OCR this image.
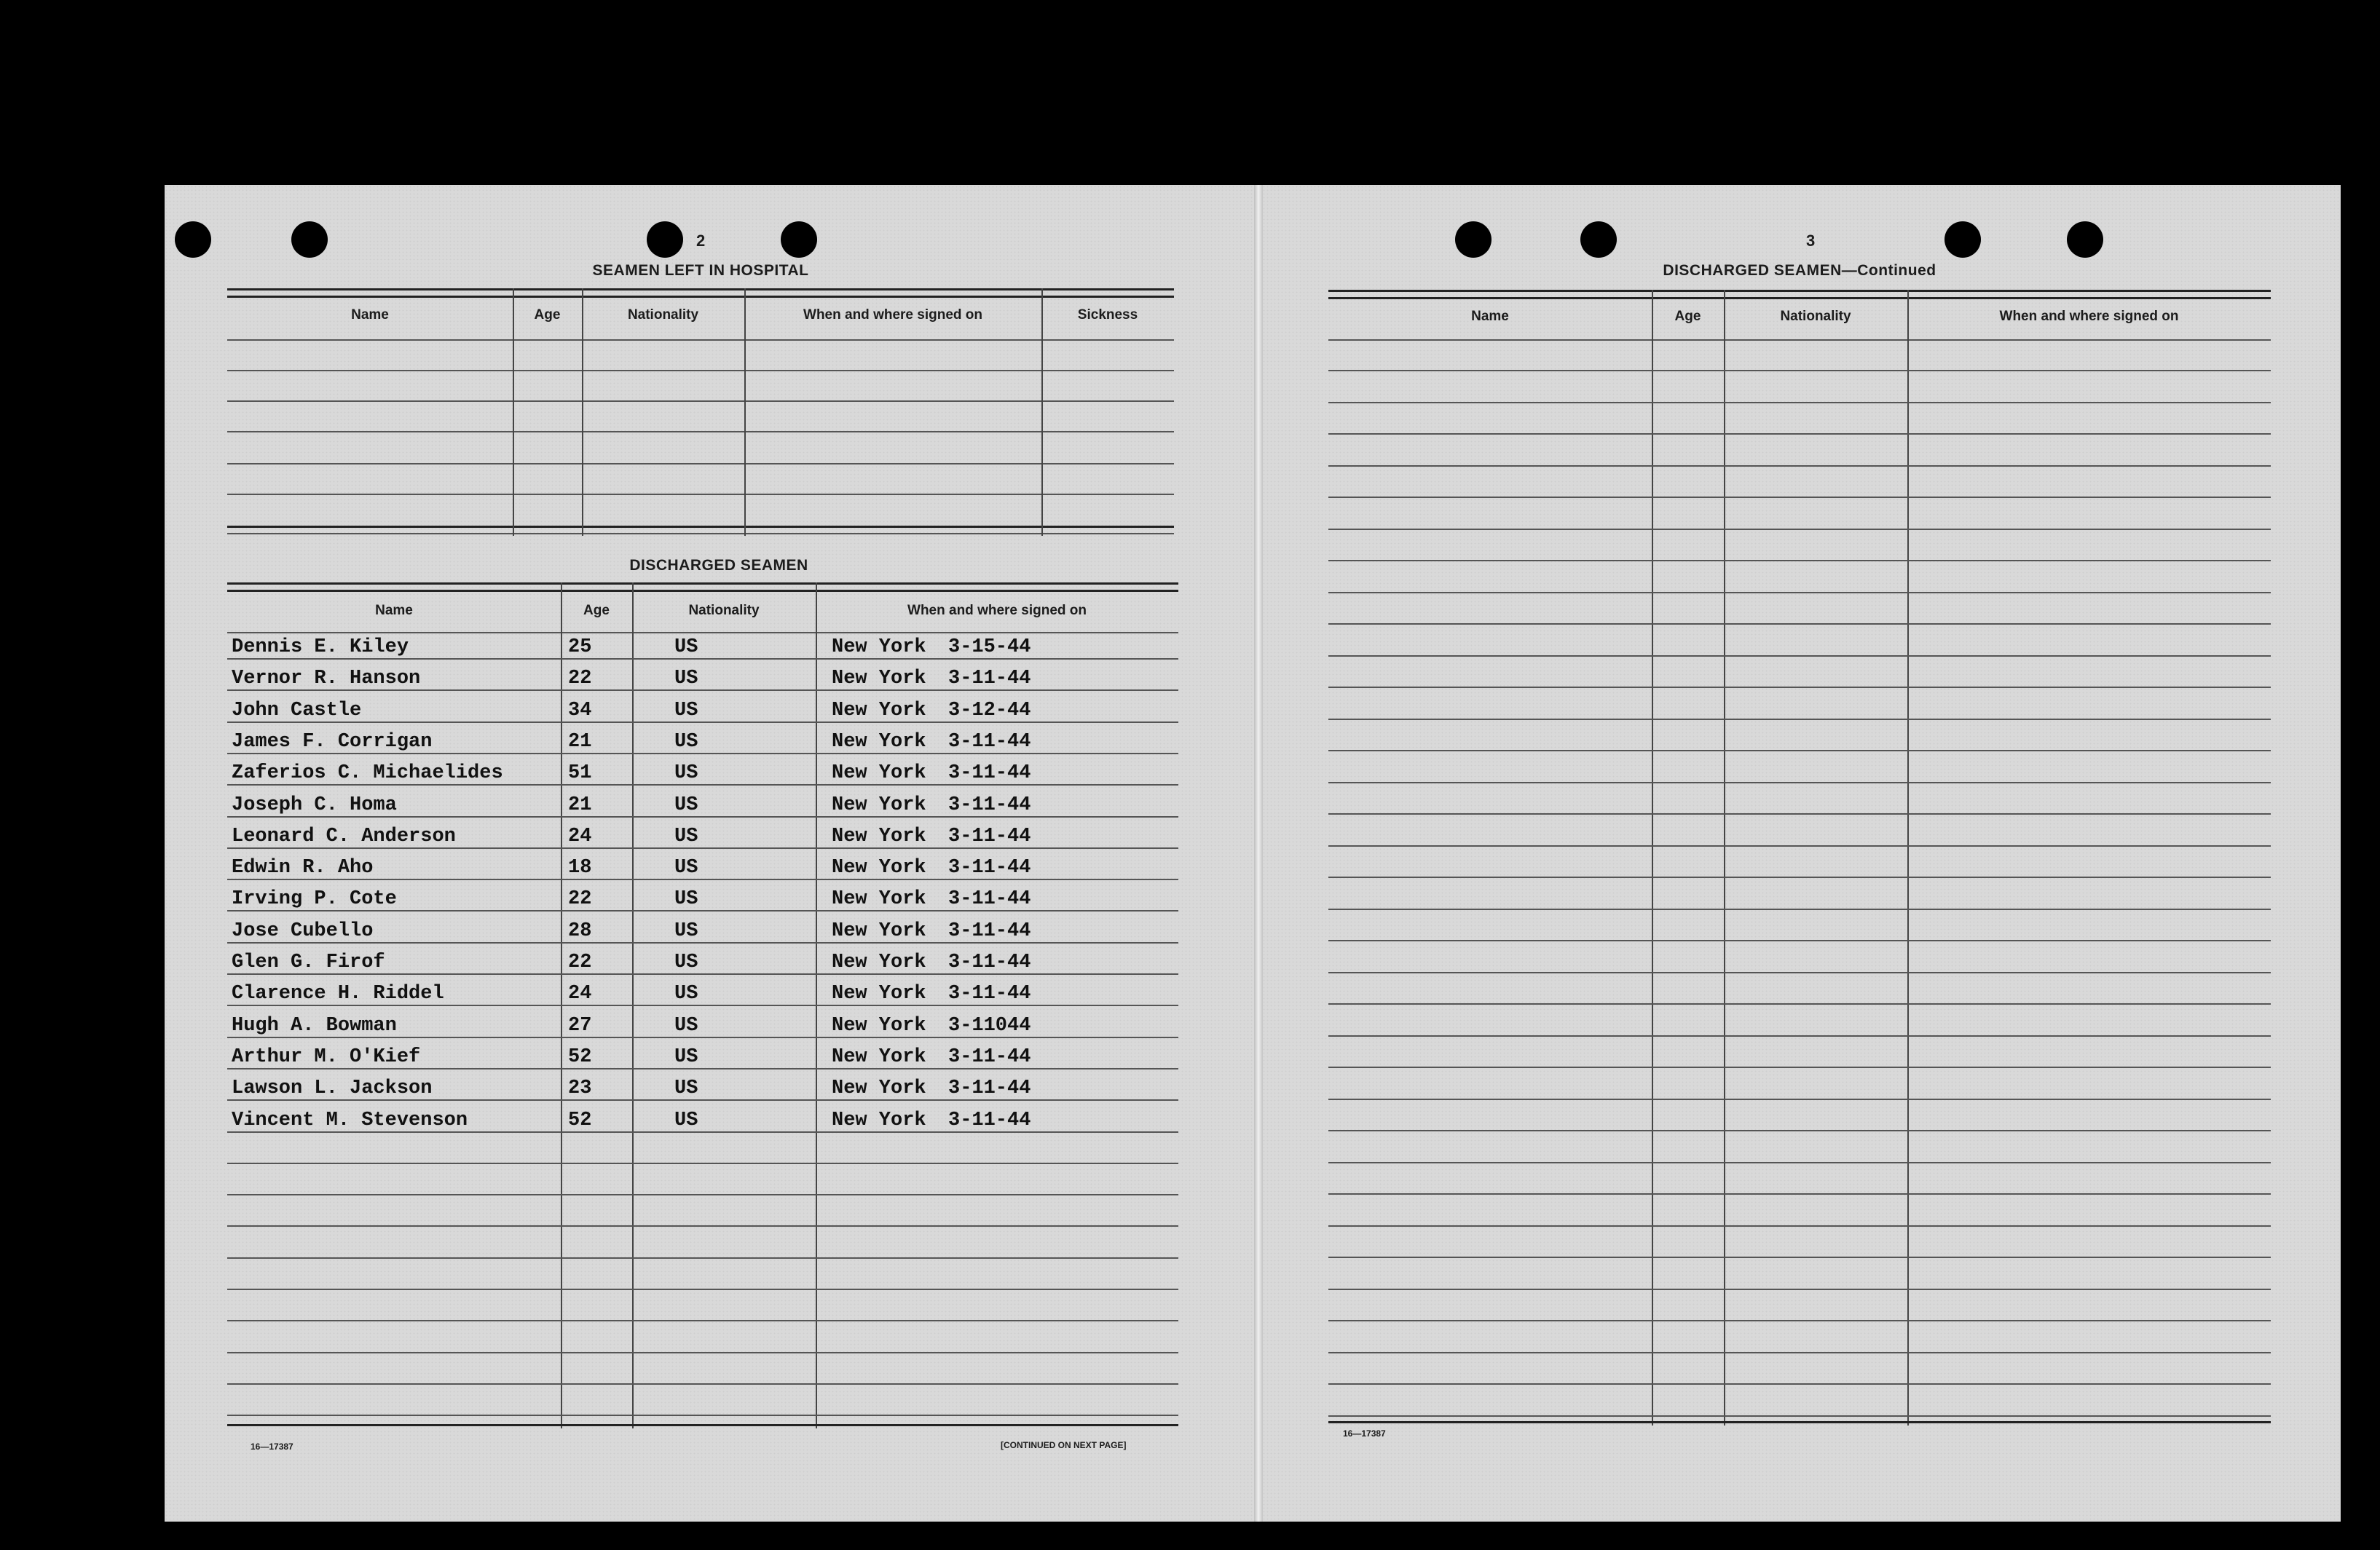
2
SEAMEN LEFT IN HOSPITAL
Name	Age	Nationality	When and where signed on	Sickness
DISCHARGED SEAMEN
Name	Age	Nationality	When and where signed on
Dennis E. Kiley	25	US	New York 3-15-44
Vernor R. Hanson	22	US	New York 3-11-44
John Castle	34	US	New York 3-12-44
James F. Corrigan	21	US	New York 3-11-44
Zaferios C. Michaelides	51	US	New York 3-11-44
Joseph C. Homa	21	US	New York 3-11-44
Leonard C. Anderson	24	US	New York 3-11-44
Edwin R. Aho	18	US	New York 3-11-44
Irving P. Cote	22	US	New York 3-11-44
Jose Cubello	28	US	New York 3-11-44
Glen G. Firof	22	US	New York 3-11-44
Clarence H. Riddel	24	US	New York 3-11-44
Hugh A. Bowman	27	US	New York 3-11044
Arthur M. O'Kief	52	US	New York 3-11-44
Lawson L. Jackson	23	US	New York 3-11-44
Vincent M. Stevenson	52	US	New York 3-11-44
16—17387	[CONTINUED ON NEXT PAGE]
3
DISCHARGED SEAMEN—Continued
Name	Age	Nationality	When and where signed on
16—17387
